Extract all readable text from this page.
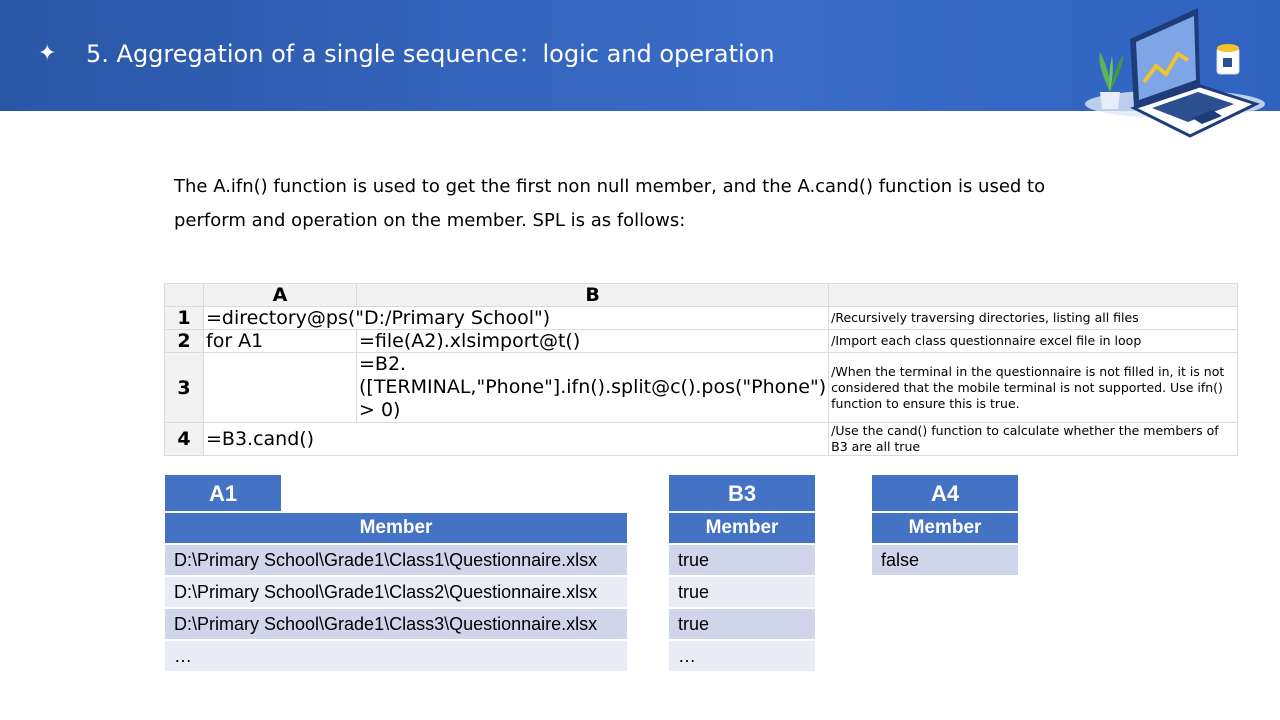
✦ 5. Aggregation of a single sequence：logic and operation
The A.ifn() function is used to get the first non null member, and the A.cand() function is used to
perform and operation on the member. SPL is as follows:
	A	B	
1	=directory@ps("D:/Primary School")		/Recursively traversing directories, listing all files
2	for A1	=file(A2).xlsimport@t()	/Import each class questionnaire excel file in loop
3		=B2.([TERMINAL,"Phone"].ifn().split@c().pos("Phone") > 0)	/When the terminal in the questionnaire is not filled in, it is not considered that the mobile terminal is not supported. Use ifn() function to ensure this is true.
4	=B3.cand()		/Use the cand() function to calculate whether the members of B3 are all true
A1
Member
D:\Primary School\Grade1\Class1\Questionnaire.xlsx
D:\Primary School\Grade1\Class2\Questionnaire.xlsx
D:\Primary School\Grade1\Class3\Questionnaire.xlsx
…
B3
Member
true
true
true
…
A4
Member
false
